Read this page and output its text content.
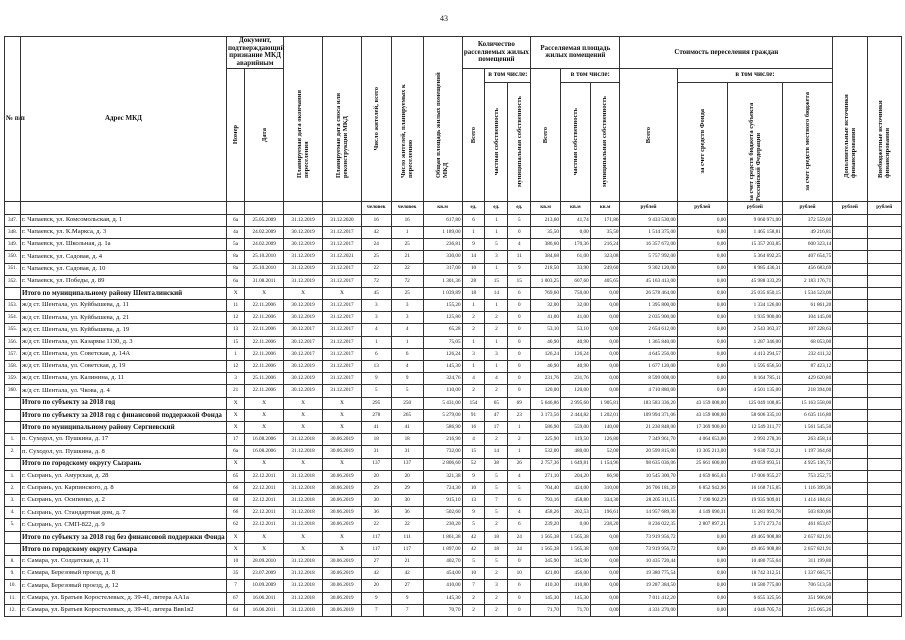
43
№ п/п	Адрес МКД	Документ, подтверждающий признание МКД аварийным		Планируемая дата окончания переселения	Планируемая дата сноса или реконструкции МКД	Число жителей, всего	Число жителей, планируемых к переселению	Общая площадь жилых помещений МКД	Количество расселяемых жилых помещений			Расселяемая площадь жилых помещений			Стоимость переселения граждан				Дополнительные источники финансирования	Внебюджетные источники финансирования

		Номер	Дата						Всего	в том числе:		Всего	в том числе:		Всего	в том числе:				

										частная собственность	муниципальная собственность		частная собственность	муниципальная собственность		за счет средств Фонда	за счет средств бюджета субъекта Российской Федерации	за счет средств местного бюджета		

						человек	человек	кв.м	ед.	ед.	ед.	кв.м	кв.м	кв.м	рублей	рублей	рублей	рублей	рублей	рублей
347.	г. Чапаевск, ул. Комсомольская, д. 1	6а	25.05.2009	31.12.2019	31.12.2020	16	16	617,80	6	1	5	213,60	41,74	171,86	9 433 530,00	0,00	9 060 971,00	372 559,00		
348.	г. Чапаевск, ул. К.Маркса, д. 3	4а	24.02.2009	30.12.2019	31.12.2017	42	1	1 189,00	1	1	0	35,50	0,00	35,50	1 514 375,00	0,00	1 465 158,81	49 216,81		
349.	г. Чапаевск, ул. Школьная, д. 1а	5а	24.02.2009	30.12.2019	31.12.2017	24	25	236,81	9	5	4	386,60	170,36	216,24	16 357 672,00	0,00	15 357 203,85	600 323,14		
350.	г. Чапаевск, ул. Садовая, д. 4	8а	25.10.2010	31.12.2019	31.12.2021	25	21	330,00	14	3	11	384,68	61,00	323,08	5 757 992,00	0,00	5 364 692,25	407 654,75		
351.	г. Чапаевск, ул. Садовая, д. 10	8а	25.10.2010	31.12.2019	31.12.2017	22	22	317,00	10	1	9	218,50	33,90	249,60	9 302 120,00	0,00	8 985 436,31	456 683,69		
352.	г. Чапаевск, ул. Победы, д. 89	6а	31.08.2011	31.12.2019	31.12.2017	72	72	1 301,36	28	15	15	1 003,25	607,60	405,65	45 163 413,00	0,00	45 988 333,29	2 183 176,71		
	Итого по муниципальному району Шенталинский	X	X	X	X	45	25	1 039,89	18	14	6	769,60	750,00	0,00	26 578 464,00	0,00	25 035 650,15	1 534 523,00		
353.	ж/д ст. Шентала, ул. Куйбышева, д. 11	11	22.11.2006	30.12.2019	31.12.2017	3	3	155,20	1	1	0	32,00	32,00	0,00	1 395 800,00	0,00	1 334 126,00	61 861,20		
354.	ж/д ст. Шентала, ул. Куйбышева, д. 21	12	22.11.2006	30.12.2019	31.12.2017	3	3	125,80	2	2	0	41,00	41,00	0,00	2 035 900,00	0,00	1 935 900,00	104 145,00		
355.	ж/д ст. Шентала, ул. Куйбышева, д. 19	13	22.11.2006	30.12.2017	31.12.2017	4	4	65,28	2	2	0	53,10	53,10	0,00	2 654 612,00	0,00	2 543 363,37	107 228,63		
356.	ж/д ст. Шентала, ул. Казармы 1130, д. 3	15	22.11.2006	30.12.2017	31.12.2017	1	1	75,05	1	1	0	40,90	40,90	0,00	1 365 840,00	0,00	1 287 346,00	68 053,00		
357.	ж/д ст. Шентала, ул. Советская, д. 14А	1	22.11.2006	30.12.2017	31.12.2017	6	6	126,24	3	3	0	126,24	126,24	0,00	4 645 256,00	0,00	4 413 294,57	232 411,32		
358.	ж/д ст. Шентала, ул. Советская, д. 19	12	22.11.2006	30.12.2019	31.12.2017	13	4	145,30	1	1	0	40,90	40,90	0,00	1 677 120,00	0,00	1 595 656,50	87 423,12		
359.	ж/д ст. Шентала, ул. Калинина, д. 11	3	25.11.2006	30.12.2019	31.12.2017	9	9	324,76	4	4	0	231,76	231,76	0,00	8 599 008,00	0,00	8 164 785,11	429 620,80		
360.	ж/д ст. Шентала, ул. Чкова, д. 4	21	22.11.2006	30.12.2019	31.12.2017	5	5	110,00	2	2	0	120,00	120,00	0,00	4 710 880,00	0,00	4 501 135,00	218 394,00		
	Итого по субъекту за 2018 год	X	X	X	X	295	250	5 431,00	154	65	69	5 646,86	2 995,60	1 905,81	183 583 336,20	43 159 008,00	125 049 108,85	15 163 558,00		
	Итого по субъекту за 2018 год с финансовой поддержкой Фонда	X	X	X	X	278	265	5 279,00	91	47	23	3 173,56	2 444,82	1 202,01	109 994 371,06	43 159 008,00	58 606 335,10	6 635 116,80		
	Итого по муниципальному району Сергиевский	X	X	X	X	41	41	586,90	16	17	1	586,90	559,00	140,00	21 230 848,00	17 369 900,00	12 549 311,77	1 561 545,50		
1.	п. Суходол, ул. Пушкина, д. 17	17	16.08.2006	31.12.2018	30.06.2019	18	18	216,90	4	2	2	225,90	119,50	126,80	7 349 961,70	4 064 653,00	2 993 278,36	263 458,14		
2.	п. Суходол, ул. Пушкина, д. 8	6а	16.08.2006	31.12.2018	30.06.2019	31	31	732,00	15	14	1	532,00	480,00	52,00	20 599 815,00	13 305 213,00	9 630 732,21	1 197 364,60		
	Итого по городскому округу Сызрань	X	X	X	X	137	137	2 806,60	52	38	26	2 757,36	1 649,81	1 154,96	98 635 036,06	25 661 600,00	49 059 093,51	4 925 136,73		
1.	г. Сызрань, ул. Амурская, д. 28	65	22.12.2011	31.12.2018	30.06.2019	20	20	321,38	9	5	4	271,10	204,20	66,90	10 545 300,70	4 659 865,03	17 006 955,27	753 252,75		
2.	г. Сызрань, ул. Карпинского, д. 8	66	22.12.2011	31.12.2018	30.06.2019	29	29	724,30	10	5	5	704,40	424,00	310,00	26 706 181,39	6 852 942,96	16 168 715,85	1 116 399,36		
3.	г. Сызрань, ул. Осипенко, д. 2	60	22.12.2011	31.12.2018	30.06.2019	30	30	915,10	13	7	6	793,16	458,80	334,30	28 205 311,15	7 190 902,29	19 935 909,01	1 414 184,61		
4.	г. Сызрань, ул. Стандартная дом, д. 7	66	22.12.2011	31.12.2018	30.06.2019	36	36	502,60	9	5	4	458,26	202,53	196,61	14 957 689,30	4 149 090,31	11 283 993,78	503 830,86		
5.	г. Сызрань, ул. СМП-822, д. 9	62	22.12.2011	31.12.2018	30.06.2019	22	22	230,20	5	2	6	239,20	0,00	238,20	8 236 022,35	2 807 897,21	5 371 273,74	461 853,67		
	Итого по субъекту за 2018 год без финансовой поддержки Фонда	X	X	X	X	117	111	1 861,38	42	18	24	1 565,38	1 565,38	0,00	73 919 956,72	0,00	49 465 908,88	2 657 821,91		
	Итого по городскому округу Самара	X	X	X	X	117	117	1 897,00	42	18	24	1 565,38	1 565,38	0,00	73 919 956,72	0,00	49 465 908,88	2 657 821,91		
8.	г. Самара, ул. Солдатская, д. 11	10	28.09.2010	31.12.2018	30.06.2019	27	21	402,70	5	5	0	345,90	345,90	0,00	10 435 720,44	0,00	10 480 755,64	311 199,80		
9.	г. Самара, Березовый проезд, д. 8	35	23.07.2009	31.12.2018	30.06.2019	42	42	454,00	10	2	10	421,00	456,00	0,00	19 380 775,54	0,00	18 742 312,51	1 337 665,75		
10.	г. Самара, Березовый проезд, д. 12	7	10.09.2009	31.12.2018	30.06.2019	20	27	410,00	7	3	6	410,30	410,80	0,00	19 287 384,50	0,00	18 580 775,00	706 513,50		
11.	г. Самара, ул. Братьев Коростелевых, д. 39-41, литера АА1а	67	16.06.2011	31.12.2018	30.06.2019	9	9	145,30	2	2	0	145,30	145,30	0,00	7 011 412,20	0,00	6 655 325,56	351 906,00		
12.	г. Самара, ул. Братьев Коростелевых, д. 39-41, литера Ввв1в2	64	16.06.2011	31.12.2018	30.06.2019	7	7	70,70	2	2	0	71,70	71,70	0,00	4 331 270,00	0,00	4 046 705,74	215 065,26		
